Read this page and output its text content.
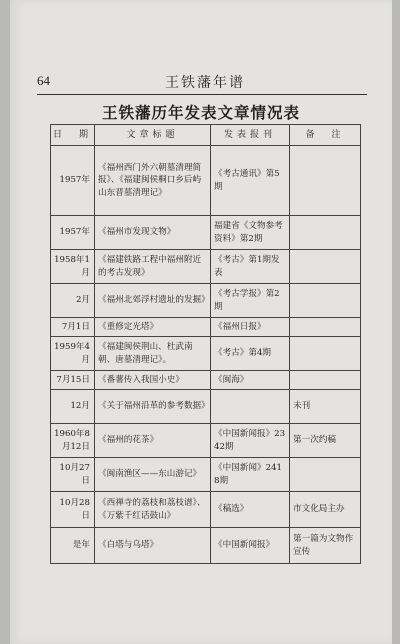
64	王铁藩年谱
王铁藩历年发表文章情况表
日　期	文章标题	发表报刊	备　注
1957年	《福州西门外六朝墓清理简报》、《福建闽侯桐口乡后屿山东晋墓清理记》	《考古通讯》第5期	
1957年	《福州市发现文物》	福建省《文物参考资料》第2期	
1958年1月	《福建铁路工程中福州附近的考古发现》	《考古》第1期发表	
2月	《福州北郊浮村遗址的发掘》	《考古学报》第2期	
7月1日	《重修定光塔》	《福州日报》	
1959年4月	《福建闽侯荆山、杜武南朝、唐墓清理记》。	《考古》第4期	
7月15日	《番薯传入我国小史》	《闽海》	
12月	《关于福州沿革的参考数据》		未刊
1960年8月12日	《福州的花茶》	《中国新闻报》2342期	第一次约稿
10月27日	《闽南渔区——东山游记》	《中国新闻》2418期	
10月28日	《西禅寺的荔枝和荔枝谱》、《万紫千红话鼓山》	《稿选》	市文化局主办
是年	《白塔与乌塔》	《中国新闻报》	第一篇为文物作宣传
